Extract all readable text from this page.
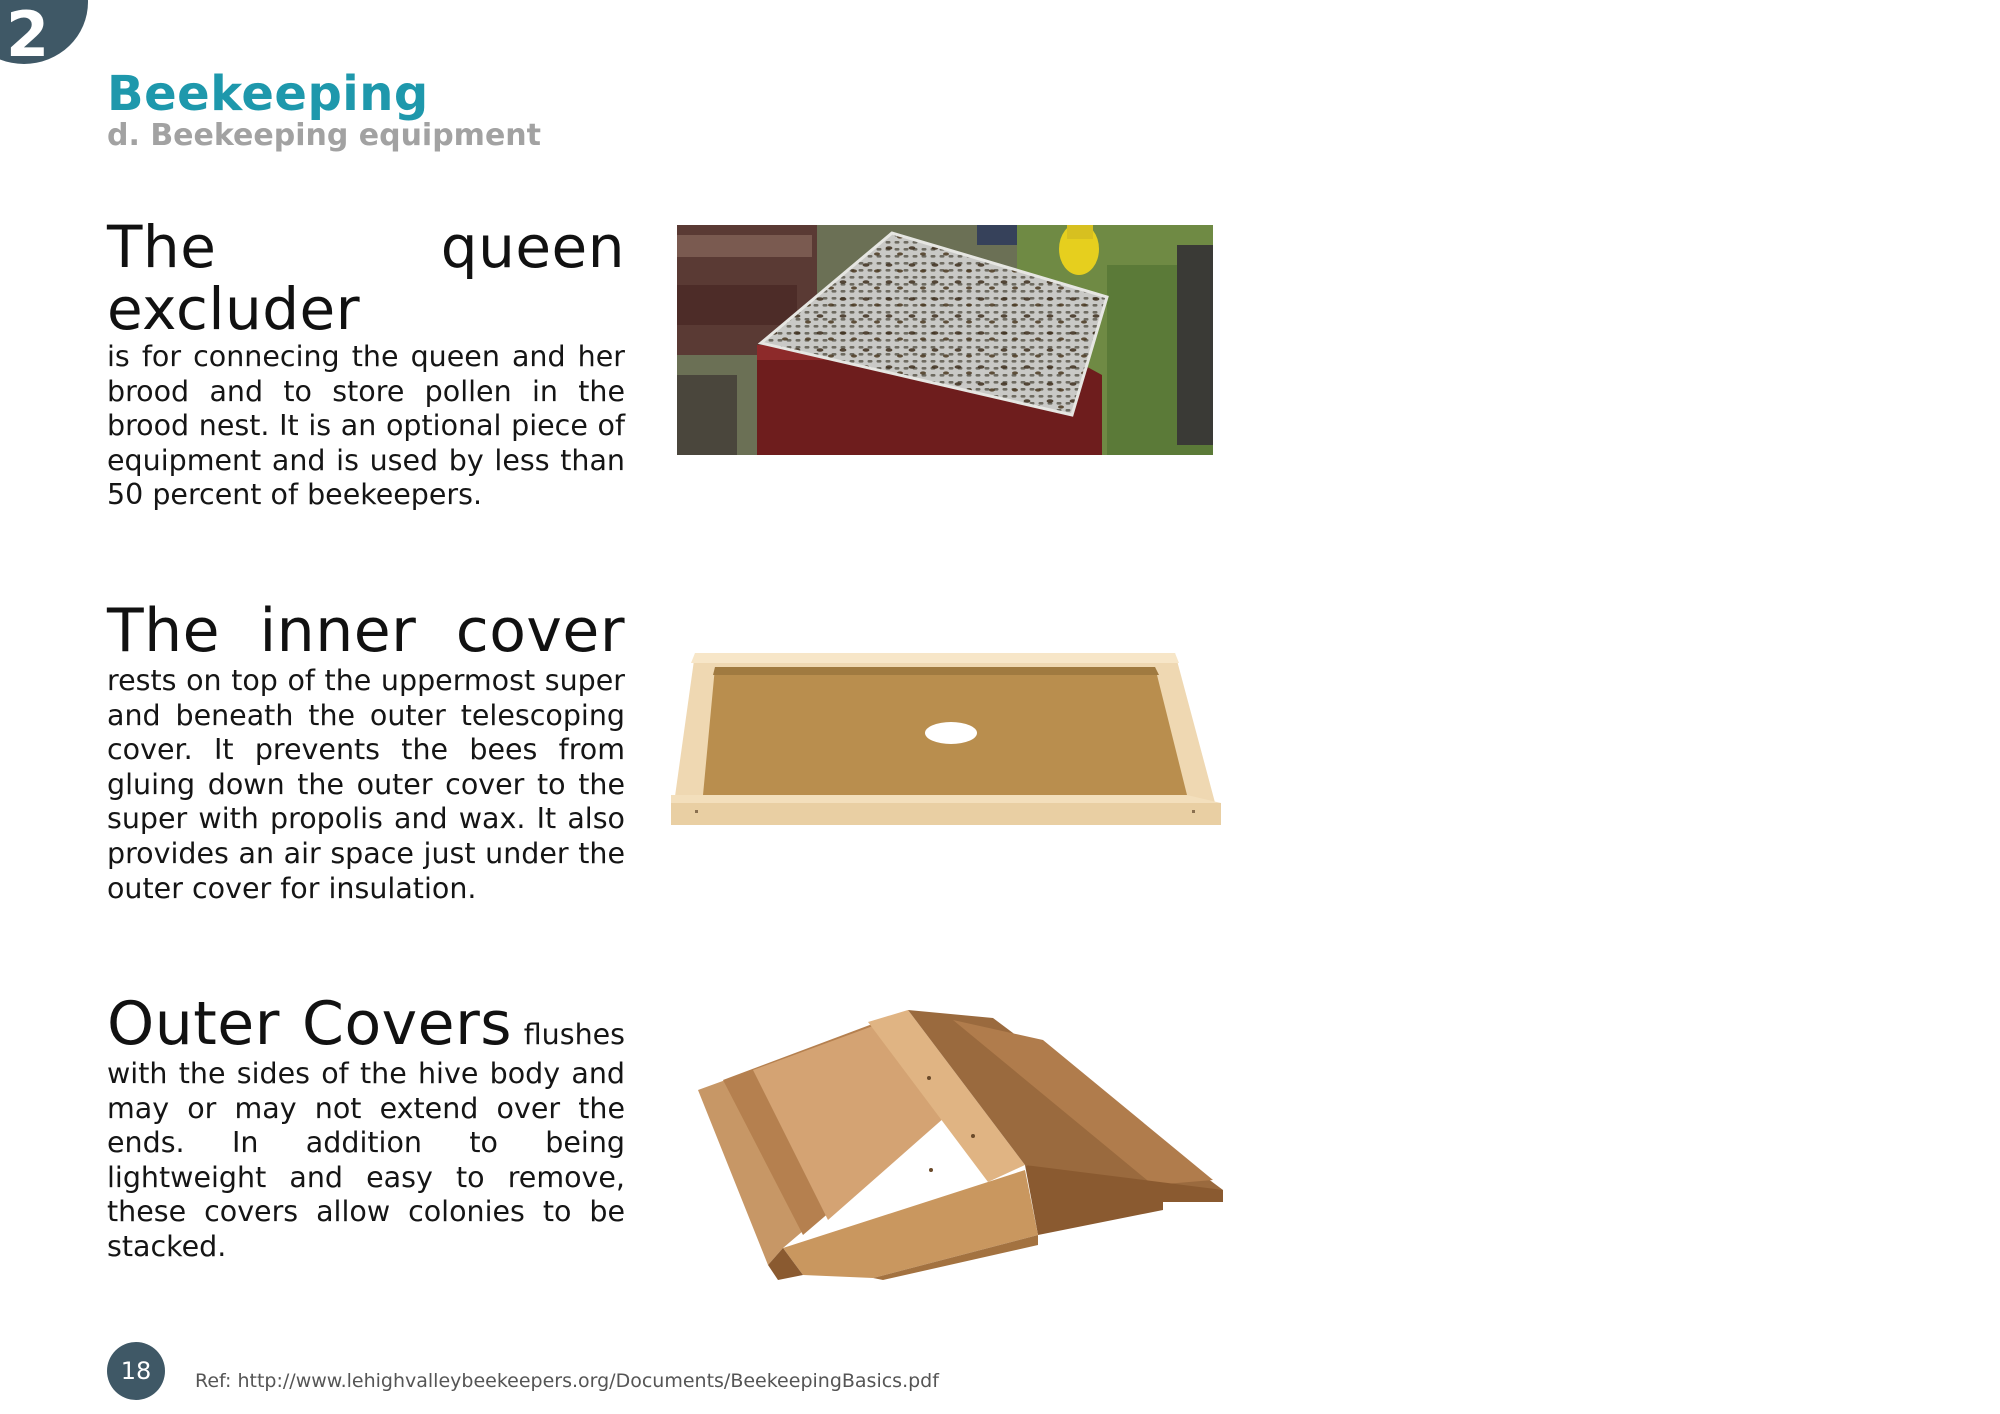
2
Beekeeping
d. Beekeeping equipment
The queen excluder
is for connecing the queen and her brood and to store pollen in the brood nest. It is an optional piece of equipment and is used by less than 50 percent of beekeepers.
The inner cover rests on top of the uppermost super and beneath the outer telescoping cover. It prevents the bees from gluing down the outer cover to the super with propolis and wax. It also provides an air space just under the outer cover for insulation.
Outer Covers flushes with the sides of the hive body and may or may not extend over the ends. In addition to being lightweight and easy to remove, these covers allow colonies to be stacked.
18	Ref: http://www.lehighvalleybeekeepers.org/Documents/BeekeepingBasics.pdf
